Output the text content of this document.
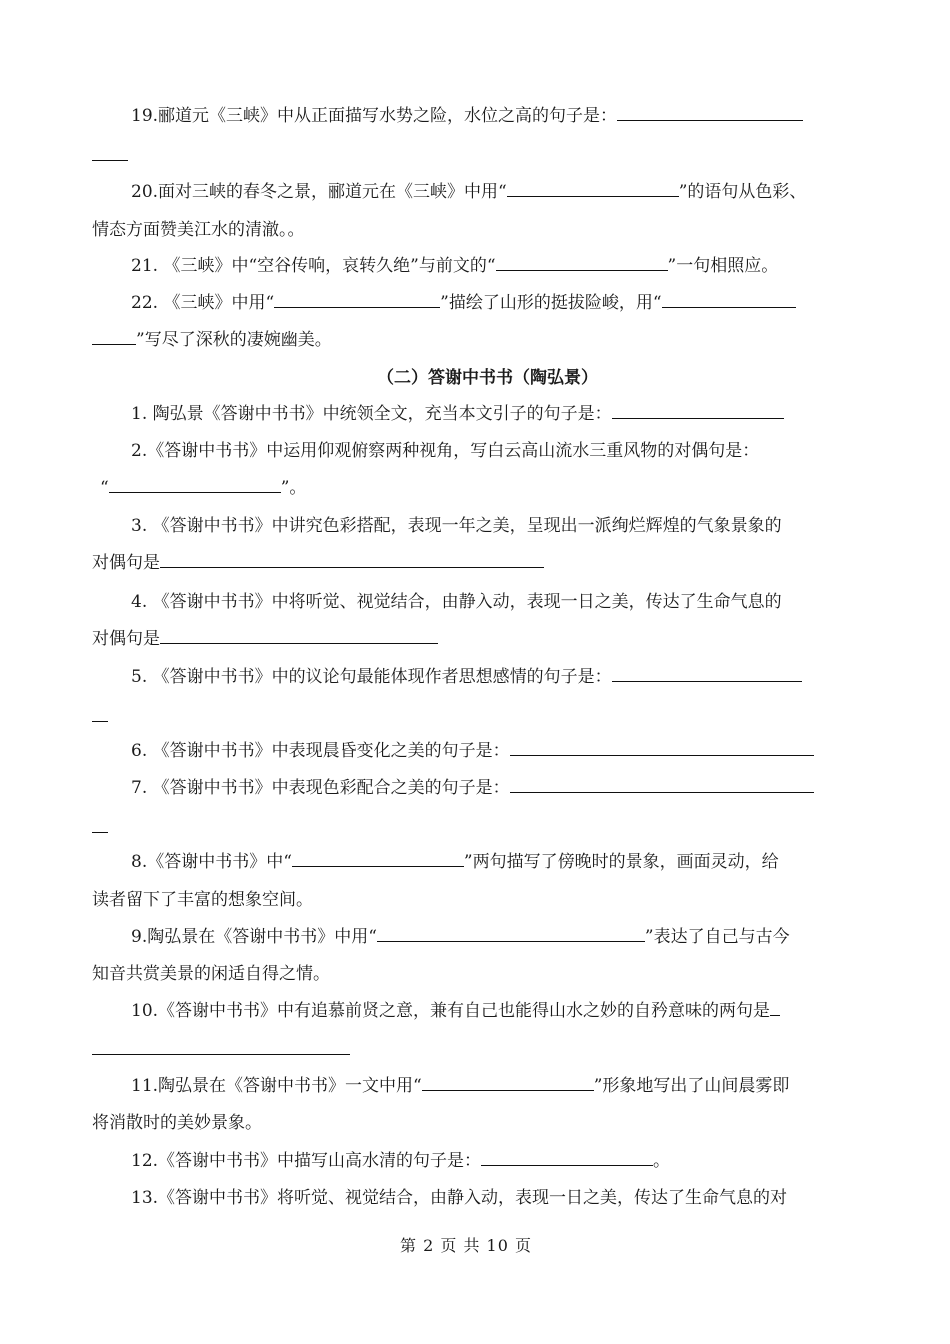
19.郦道元《三峡》中从正面描写水势之险，水位之高的句子是：
20.面对三峡的春冬之景，郦道元在《三峡》中用“	”的语句从色彩、
情态方面赞美江水的清澈。。
21. 《三峡》中“空谷传响，哀转久绝”与前文的“	”一句相照应。
22. 《三峡》中用“	”描绘了山形的挺拔险峻，用“
”写尽了深秋的凄婉幽美。
（二）答谢中书书（陶弘景）
1. 陶弘景《答谢中书书》中统领全文，充当本文引子的句子是：
2.《答谢中书书》中运用仰观俯察两种视角，写白云高山流水三重风物的对偶句是：
“	”。
3. 《答谢中书书》中讲究色彩搭配，表现一年之美，呈现出一派绚烂辉煌的气象景象的
对偶句是
4. 《答谢中书书》中将听觉、视觉结合，由静入动，表现一日之美，传达了生命气息的
对偶句是
5. 《答谢中书书》中的议论句最能体现作者思想感情的句子是：
6. 《答谢中书书》中表现晨昏变化之美的句子是：
7. 《答谢中书书》中表现色彩配合之美的句子是：
8.《答谢中书书》中“	”两句描写了傍晚时的景象，画面灵动，给
读者留下了丰富的想象空间。
9.陶弘景在《答谢中书书》中用“	”表达了自己与古今
知音共赏美景的闲适自得之情。
10.《答谢中书书》中有追慕前贤之意，兼有自己也能得山水之妙的自矜意味的两句是
11.陶弘景在《答谢中书书》一文中用“	”形象地写出了山间晨雾即
将消散时的美妙景象。
12.《答谢中书书》中描写山高水清的句子是：	。
13.《答谢中书书》将听觉、视觉结合，由静入动，表现一日之美，传达了生命气息的对
第 2 页 共 10 页
